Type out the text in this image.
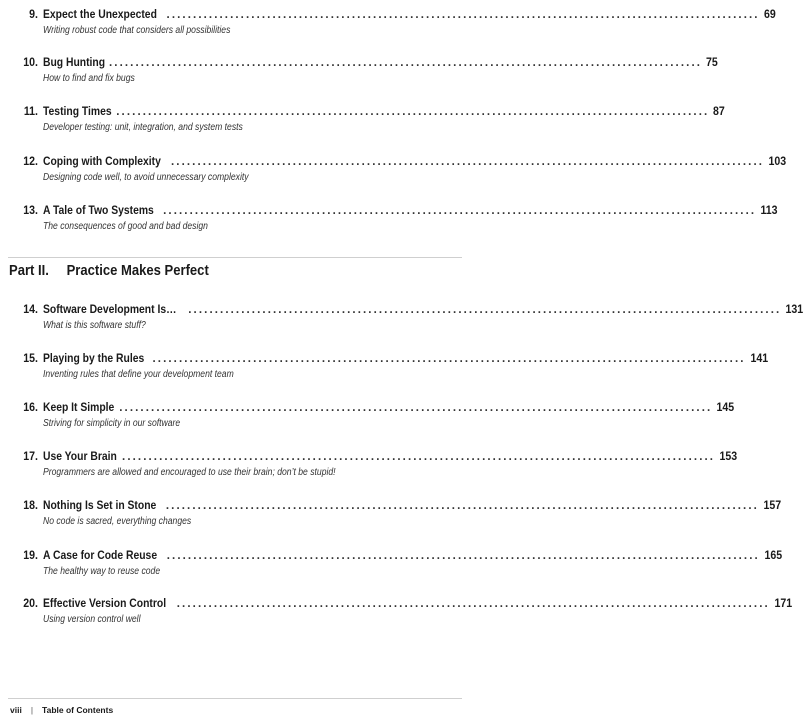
9. Expect the Unexpected ................................................................................................................ 69
Writing robust code that considers all possibilities
10. Bug Hunting ................................................................................................................ 75
How to find and fix bugs
11. Testing Times ................................................................................................................ 87
Developer testing: unit, integration, and system tests
12. Coping with Complexity ................................................................................................................ 103
Designing code well, to avoid unnecessary complexity
13. A Tale of Two Systems ................................................................................................................ 113
The consequences of good and bad design
Part II. Practice Makes Perfect
14. Software Development Is… ................................................................................................................ 131
What is this software stuff?
15. Playing by the Rules ................................................................................................................ 141
Inventing rules that define your development team
16. Keep It Simple ................................................................................................................ 145
Striving for simplicity in our software
17. Use Your Brain ................................................................................................................ 153
Programmers are allowed and encouraged to use their brain; don’t be stupid!
18. Nothing Is Set in Stone ................................................................................................................ 157
No code is sacred, everything changes
19. A Case for Code Reuse ................................................................................................................ 165
The healthy way to reuse code
20. Effective Version Control ................................................................................................................ 171
Using version control well
viii | Table of Contents
